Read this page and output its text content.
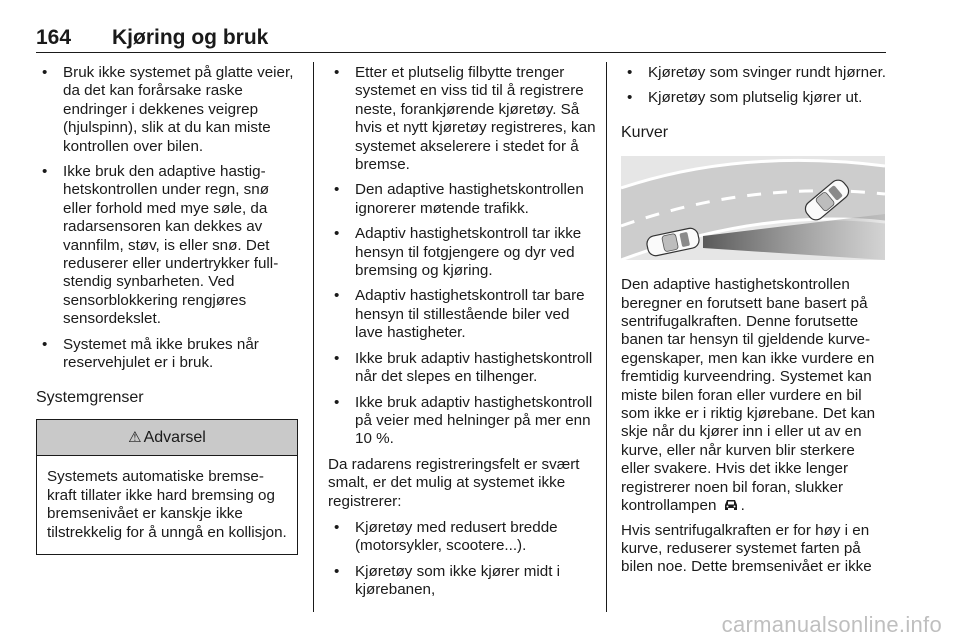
164 Kjøring og bruk
• Bruk ikke systemet på glatte veier, da det kan forårsake raske endringer i dekkenes veigrep (hjulspinn), slik at du kan miste kontrollen over bilen.
• Ikke bruk den adaptive hastighetskontrollen under regn, snø eller forhold med mye søle, da radarsensoren kan dekkes av vannfilm, støv, is eller snø. Det reduserer eller undertrykker fullstendig synbarheten. Ved sensorblokkering rengjøres sensordekslet.
• Systemet må ikke brukes når reservehjulet er i bruk.
Systemgrenser
⚠ Advarsel
Systemets automatiske bremsekraft tillater ikke hard bremsing og bremsenivået er kanskje ikke tilstrekkelig for å unngå en kollisjon.
• Etter et plutselig filbytte trenger systemet en viss tid til å registrere neste, forankjørende kjøretøy. Så hvis et nytt kjøretøy registreres, kan systemet akselerere i stedet for å bremse.
• Den adaptive hastighetskontrollen ignorerer møtende trafikk.
• Adaptiv hastighetskontroll tar ikke hensyn til fotgjengere og dyr ved bremsing og kjøring.
• Adaptiv hastighetskontroll tar bare hensyn til stillestående biler ved lave hastigheter.
• Ikke bruk adaptiv hastighetskontroll når det slepes en tilhenger.
• Ikke bruk adaptiv hastighetskontroll på veier med helninger på mer enn 10 %.
Da radarens registreringsfelt er svært smalt, er det mulig at systemet ikke registrerer:
• Kjøretøy med redusert bredde (motorsykler, scootere...).
• Kjøretøy som ikke kjører midt i kjørebanen,
• Kjøretøy som svinger rundt hjørner.
• Kjøretøy som plutselig kjører ut.
Kurver
Den adaptive hastighetskontrollen beregner en forutsett bane basert på sentrifugalkraften. Denne forutsette banen tar hensyn til gjeldende kurveegenskaper, men kan ikke vurdere en fremtidig kurveendring. Systemet kan miste bilen foran eller vurdere en bil som ikke er i riktig kjørebane. Det kan skje når du kjører inn i eller ut av en kurve, eller når kurven blir sterkere eller svakere. Hvis det ikke lenger registrerer noen bil foran, slukker kontrollampen .
Hvis sentrifugalkraften er for høy i en kurve, reduserer systemet farten på bilen noe. Dette bremsenivået er ikke
carmanualsonline.info
